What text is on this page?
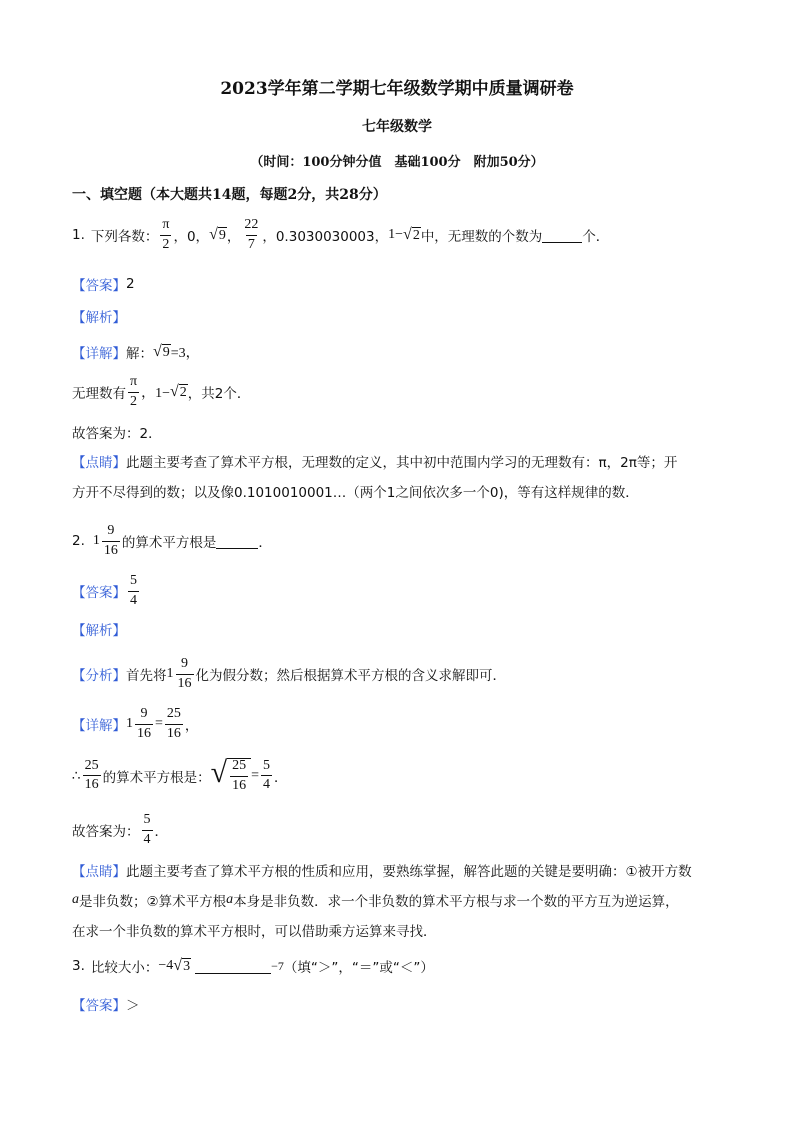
2023学年第二学期七年级数学期中质量调研卷
七年级数学
（时间：100分钟分值　基础100分　附加50分）
一、填空题（本大题共14题，每题2分，共28分）
1. 下列各数： $\frac{\pi}{2}$ ，0， √ 9 ， $\frac{22}{7}$ ，0.3030030003， 1− √ 2 中，无理数的个数为	个．
【答案】 2
【解析】
【详解】 解： √ 9 =3，
无理数有 $\frac{\pi}{2}$ ，1− √ 2 ，共2个．
故答案为：2．
【点睛】 此题主要考查了算术平方根，无理数的定义，其中初中范围内学习的无理数有：π，2π等；开
方开不尽得到的数；以及像0.1010010001…（两个1之间依次多一个0)，等有这样规律的数．
2. $1 \frac{9}{16}$ 的算术平方根是	．
【答案】 $\frac{5}{4}$
【解析】
【分析】 首先将 $1 \frac{9}{16}$ 化为假分数；然后根据算术平方根的含义求解即可．
【详解】 $1 \frac{9}{16} = \frac{25}{16}$ ，
∴ $\frac{25}{16}$ 的算术平方根是： √ $\frac{25}{16} = \frac{5}{4}$ ．
故答案为： $\frac{5}{4}$ ．
【点睛】 此题主要考查了算术平方根的性质和应用，要熟练掌握，解答此题的关键是要明确：①被开方数
a 是非负数；②算术平方根 a 本身是非负数．求一个非负数的算术平方根与求一个数的平方互为逆运算，
在求一个非负数的算术平方根时，可以借助乘方运算来寻找．
3. 比较大小： −4 √ 3	−7 （填“＞”，“＝”或“＜”）
【答案】 ＞
